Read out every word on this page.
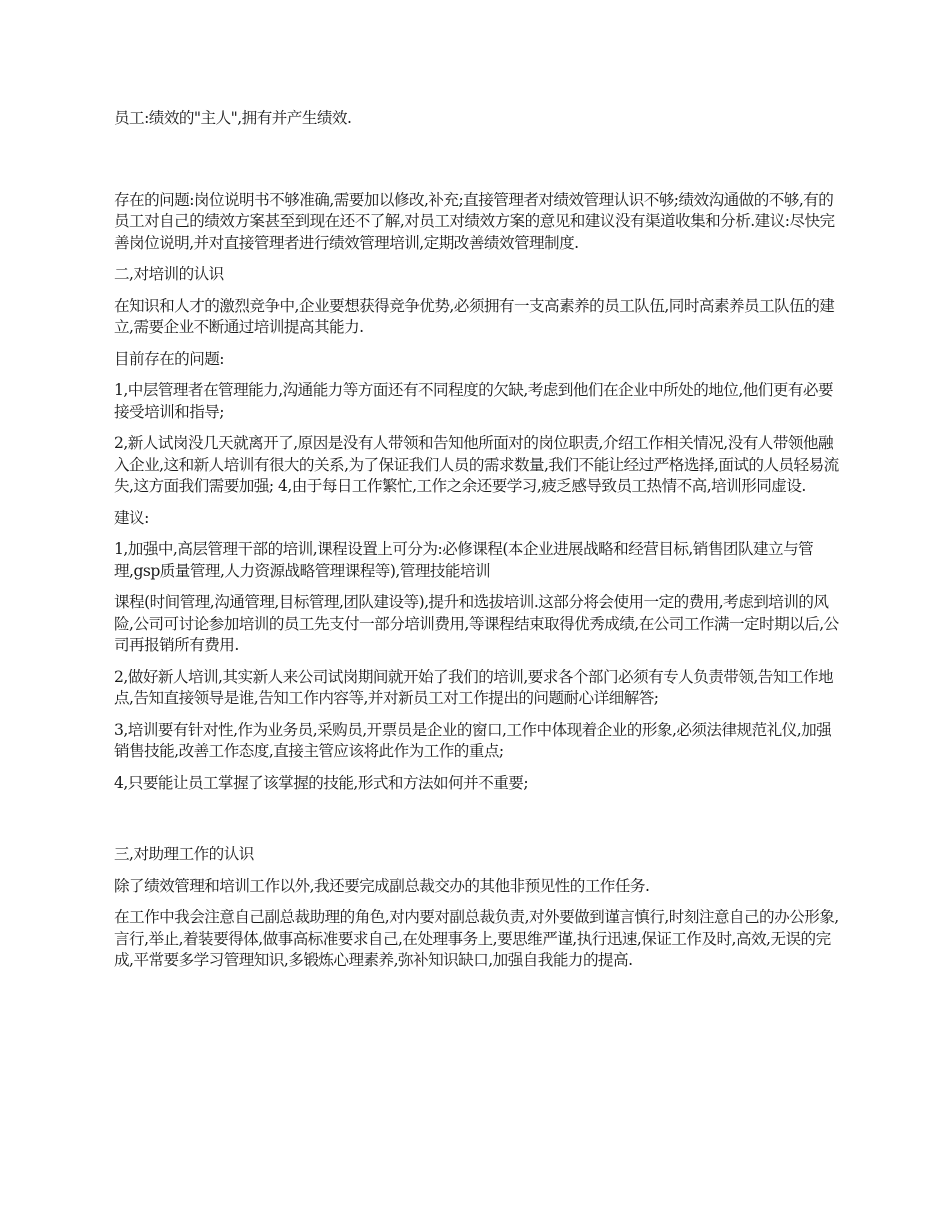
员工:绩效的"主人",拥有并产生绩效.

存在的问题:岗位说明书不够准确,需要加以修改,补充;直接管理者对绩效管理认识不够;绩效沟通做的不够,有的员工对自己的绩效方案甚至到现在还不了解,对员工对绩效方案的意见和建议没有渠道收集和分析.建议:尽快完善岗位说明,并对直接管理者进行绩效管理培训,定期改善绩效管理制度.

二,对培训的认识

在知识和人才的激烈竞争中,企业要想获得竞争优势,必须拥有一支高素养的员工队伍,同时高素养员工队伍的建立,需要企业不断通过培训提高其能力.

目前存在的问题:

1,中层管理者在管理能力,沟通能力等方面还有不同程度的欠缺,考虑到他们在企业中所处的地位,他们更有必要接受培训和指导;

2,新人试岗没几天就离开了,原因是没有人带领和告知他所面对的岗位职责,介绍工作相关情况,没有人带领他融入企业,这和新人培训有很大的关系,为了保证我们人员的需求数量,我们不能让经过严格选择,面试的人员轻易流失,这方面我们需要加强; 4,由于每日工作繁忙,工作之余还要学习,疲乏感导致员工热情不高,培训形同虚设.

建议:

1,加强中,高层管理干部的培训,课程设置上可分为:必修课程(本企业进展战略和经营目标,销售团队建立与管理,gsp质量管理,人力资源战略管理课程等),管理技能培训

课程(时间管理,沟通管理,目标管理,团队建设等),提升和选拔培训.这部分将会使用一定的费用,考虑到培训的风险,公司可讨论参加培训的员工先支付一部分培训费用,等课程结束取得优秀成绩,在公司工作满一定时期以后,公司再报销所有费用.

2,做好新人培训,其实新人来公司试岗期间就开始了我们的培训,要求各个部门必须有专人负责带领,告知工作地点,告知直接领导是谁,告知工作内容等,并对新员工对工作提出的问题耐心详细解答;

3,培训要有针对性,作为业务员,采购员,开票员是企业的窗口,工作中体现着企业的形象,必须法律规范礼仪,加强销售技能,改善工作态度,直接主管应该将此作为工作的重点;

4,只要能让员工掌握了该掌握的技能,形式和方法如何并不重要;

三,对助理工作的认识

除了绩效管理和培训工作以外,我还要完成副总裁交办的其他非预见性的工作任务.

在工作中我会注意自己副总裁助理的角色,对内要对副总裁负责,对外要做到谨言慎行,时刻注意自己的办公形象,言行,举止,着装要得体,做事高标准要求自己,在处理事务上,要思维严谨,执行迅速,保证工作及时,高效,无误的完成,平常要多学习管理知识,多锻炼心理素养,弥补知识缺口,加强自我能力的提高.
